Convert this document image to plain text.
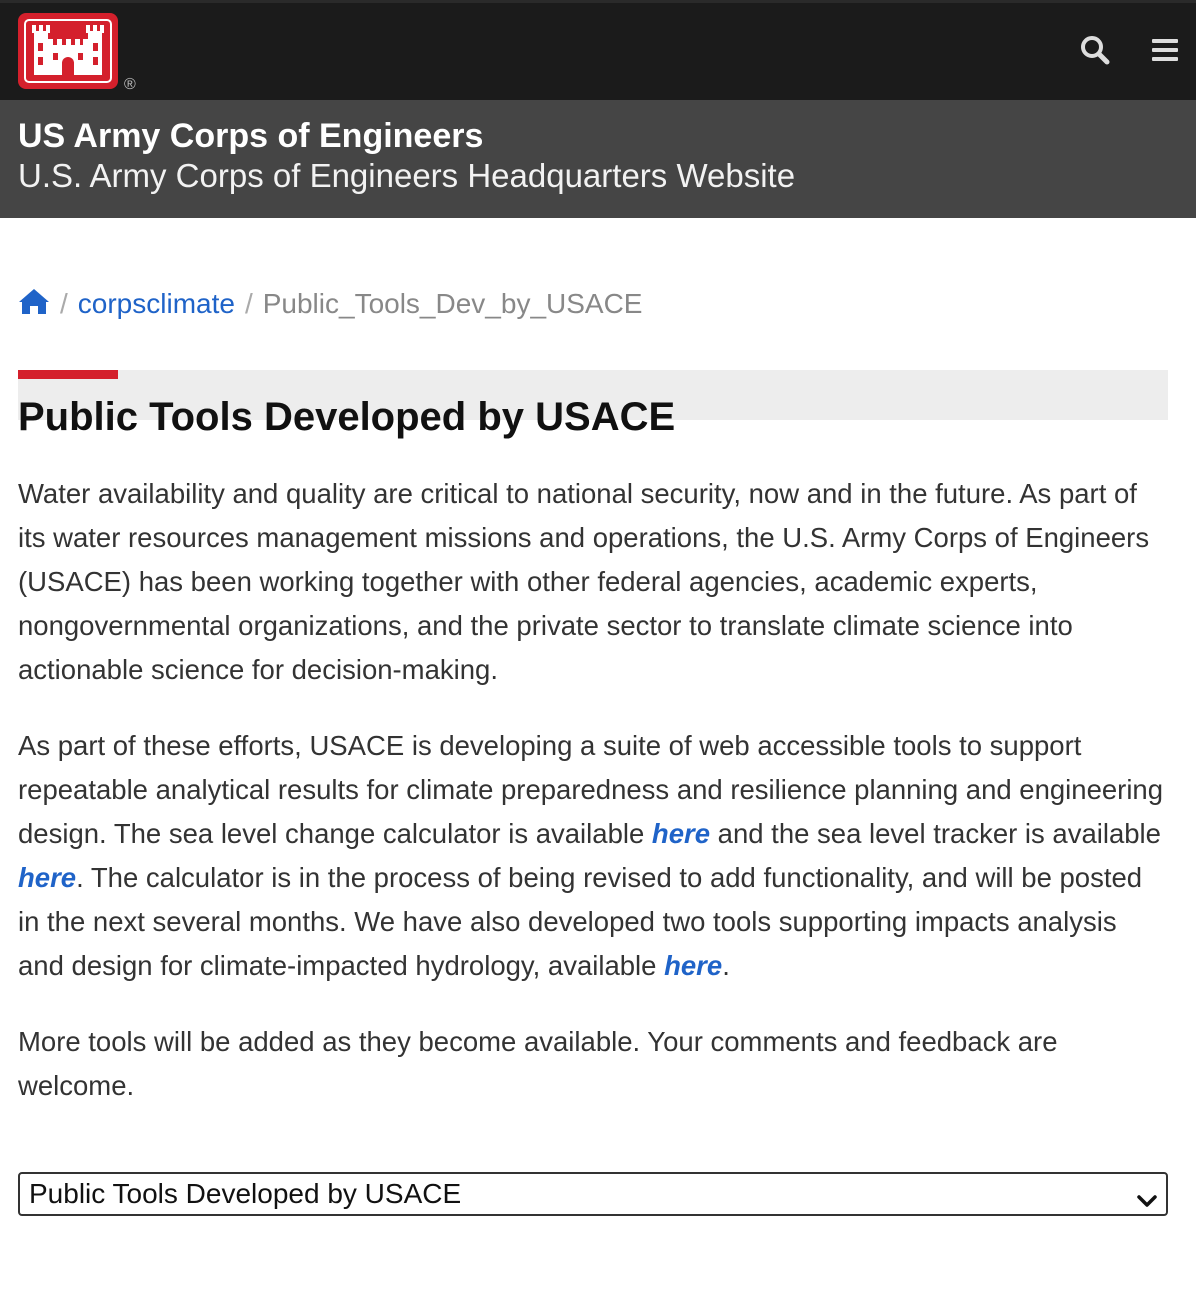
®
US Army Corps of Engineers
U.S. Army Corps of Engineers Headquarters Website
/ corpsclimate / Public_Tools_Dev_by_USACE
Public Tools Developed by USACE

Water availability and quality are critical to national security, now and in the future. As part of its water resources management missions and operations, the U.S. Army Corps of Engineers (USACE) has been working together with other federal agencies, academic experts, nongovernmental organizations, and the private sector to translate climate science into actionable science for decision-making.

As part of these efforts, USACE is developing a suite of web accessible tools to support repeatable analytical results for climate preparedness and resilience planning and engineering design. The sea level change calculator is available here and the sea level tracker is available here. The calculator is in the process of being revised to add functionality, and will be posted in the next several months. We have also developed two tools supporting impacts analysis and design for climate-impacted hydrology, available here.

More tools will be added as they become available. Your comments and feedback are welcome.

Public Tools Developed by USACE
